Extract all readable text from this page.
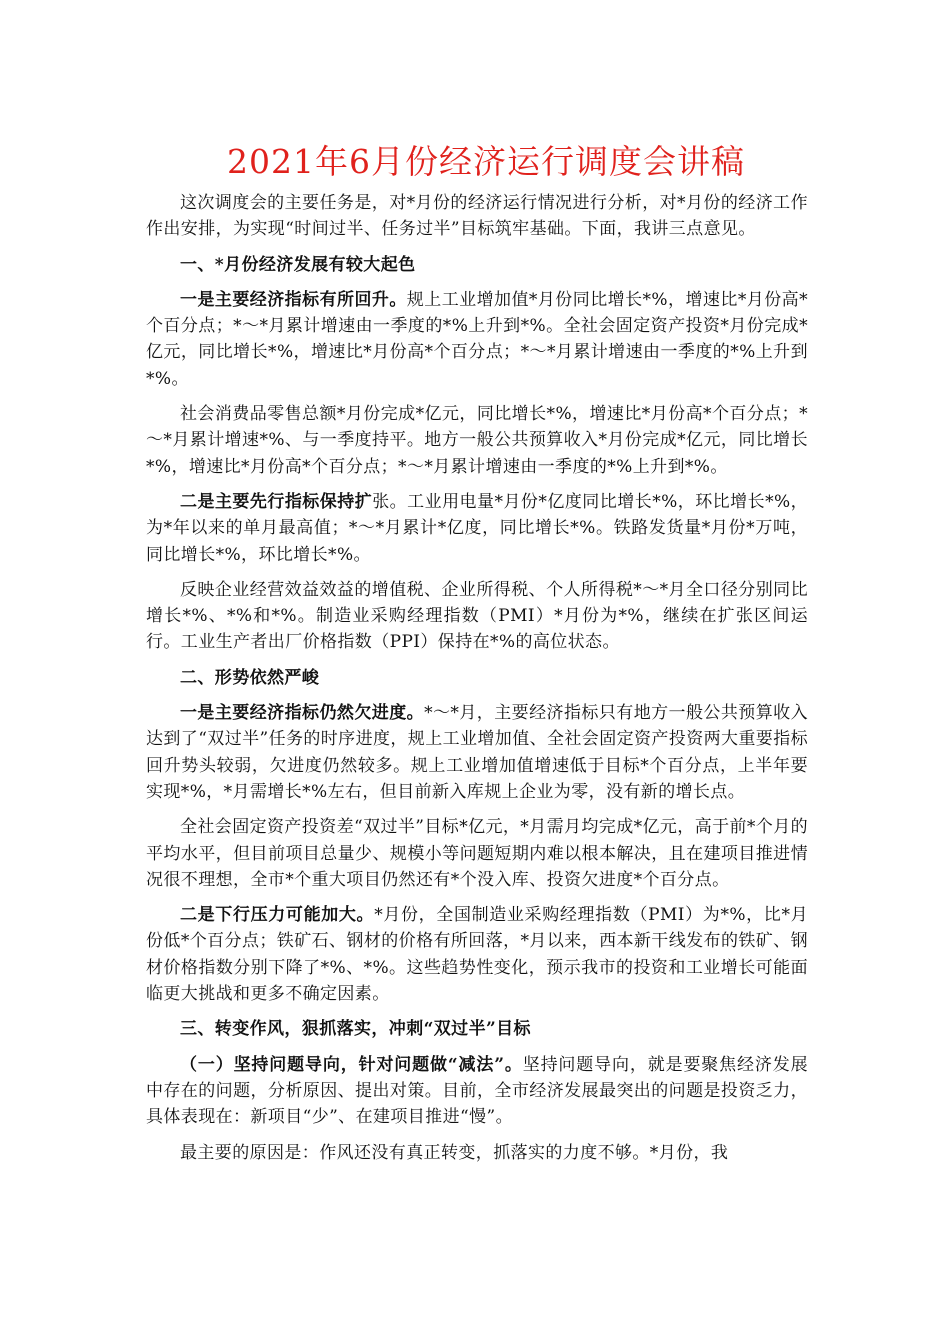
2021年6月份经济运行调度会讲稿

这次调度会的主要任务是，对*月份的经济运行情况进行分析，对*月份的经济工作作出安排，为实现“时间过半、任务过半”目标筑牢基础。下面，我讲三点意见。

一、*月份经济发展有较大起色

一是主要经济指标有所回升。规上工业增加值*月份同比增长*%，增速比*月份高*个百分点；*～*月累计增速由一季度的*%上升到*%。全社会固定资产投资*月份完成*亿元，同比增长*%，增速比*月份高*个百分点；*～*月累计增速由一季度的*%上升到*%。

社会消费品零售总额*月份完成*亿元，同比增长*%，增速比*月份高*个百分点；*～*月累计增速*%、与一季度持平。地方一般公共预算收入*月份完成*亿元，同比增长*%，增速比*月份高*个百分点；*～*月累计增速由一季度的*%上升到*%。

二是主要先行指标保持扩张。工业用电量*月份*亿度同比增长*%，环比增长*%，为*年以来的单月最高值；*～*月累计*亿度，同比增长*%。铁路发货量*月份*万吨，同比增长*%，环比增长*%。

反映企业经营效益效益的增值税、企业所得税、个人所得税*～*月全口径分别同比增长*%、*%和*%。制造业采购经理指数（PMI）*月份为*%，继续在扩张区间运行。工业生产者出厂价格指数（PPI）保持在*%的高位状态。

二、形势依然严峻

一是主要经济指标仍然欠进度。*～*月，主要经济指标只有地方一般公共预算收入达到了“双过半”任务的时序进度，规上工业增加值、全社会固定资产投资两大重要指标回升势头较弱，欠进度仍然较多。规上工业增加值增速低于目标*个百分点，上半年要实现*%，*月需增长*%左右，但目前新入库规上企业为零，没有新的增长点。

全社会固定资产投资差“双过半”目标*亿元，*月需月均完成*亿元，高于前*个月的平均水平，但目前项目总量少、规模小等问题短期内难以根本解决，且在建项目推进情况很不理想，全市*个重大项目仍然还有*个没入库、投资欠进度*个百分点。

二是下行压力可能加大。*月份，全国制造业采购经理指数（PMI）为*%，比*月份低*个百分点；铁矿石、钢材的价格有所回落，*月以来，西本新干线发布的铁矿、钢材价格指数分别下降了*%、*%。这些趋势性变化，预示我市的投资和工业增长可能面临更大挑战和更多不确定因素。

三、转变作风，狠抓落实，冲刺“双过半”目标

（一）坚持问题导向，针对问题做“减法”。坚持问题导向，就是要聚焦经济发展中存在的问题，分析原因、提出对策。目前，全市经济发展最突出的问题是投资乏力，具体表现在：新项目“少”、在建项目推进“慢”。

最主要的原因是：作风还没有真正转变，抓落实的力度不够。*月份，我
